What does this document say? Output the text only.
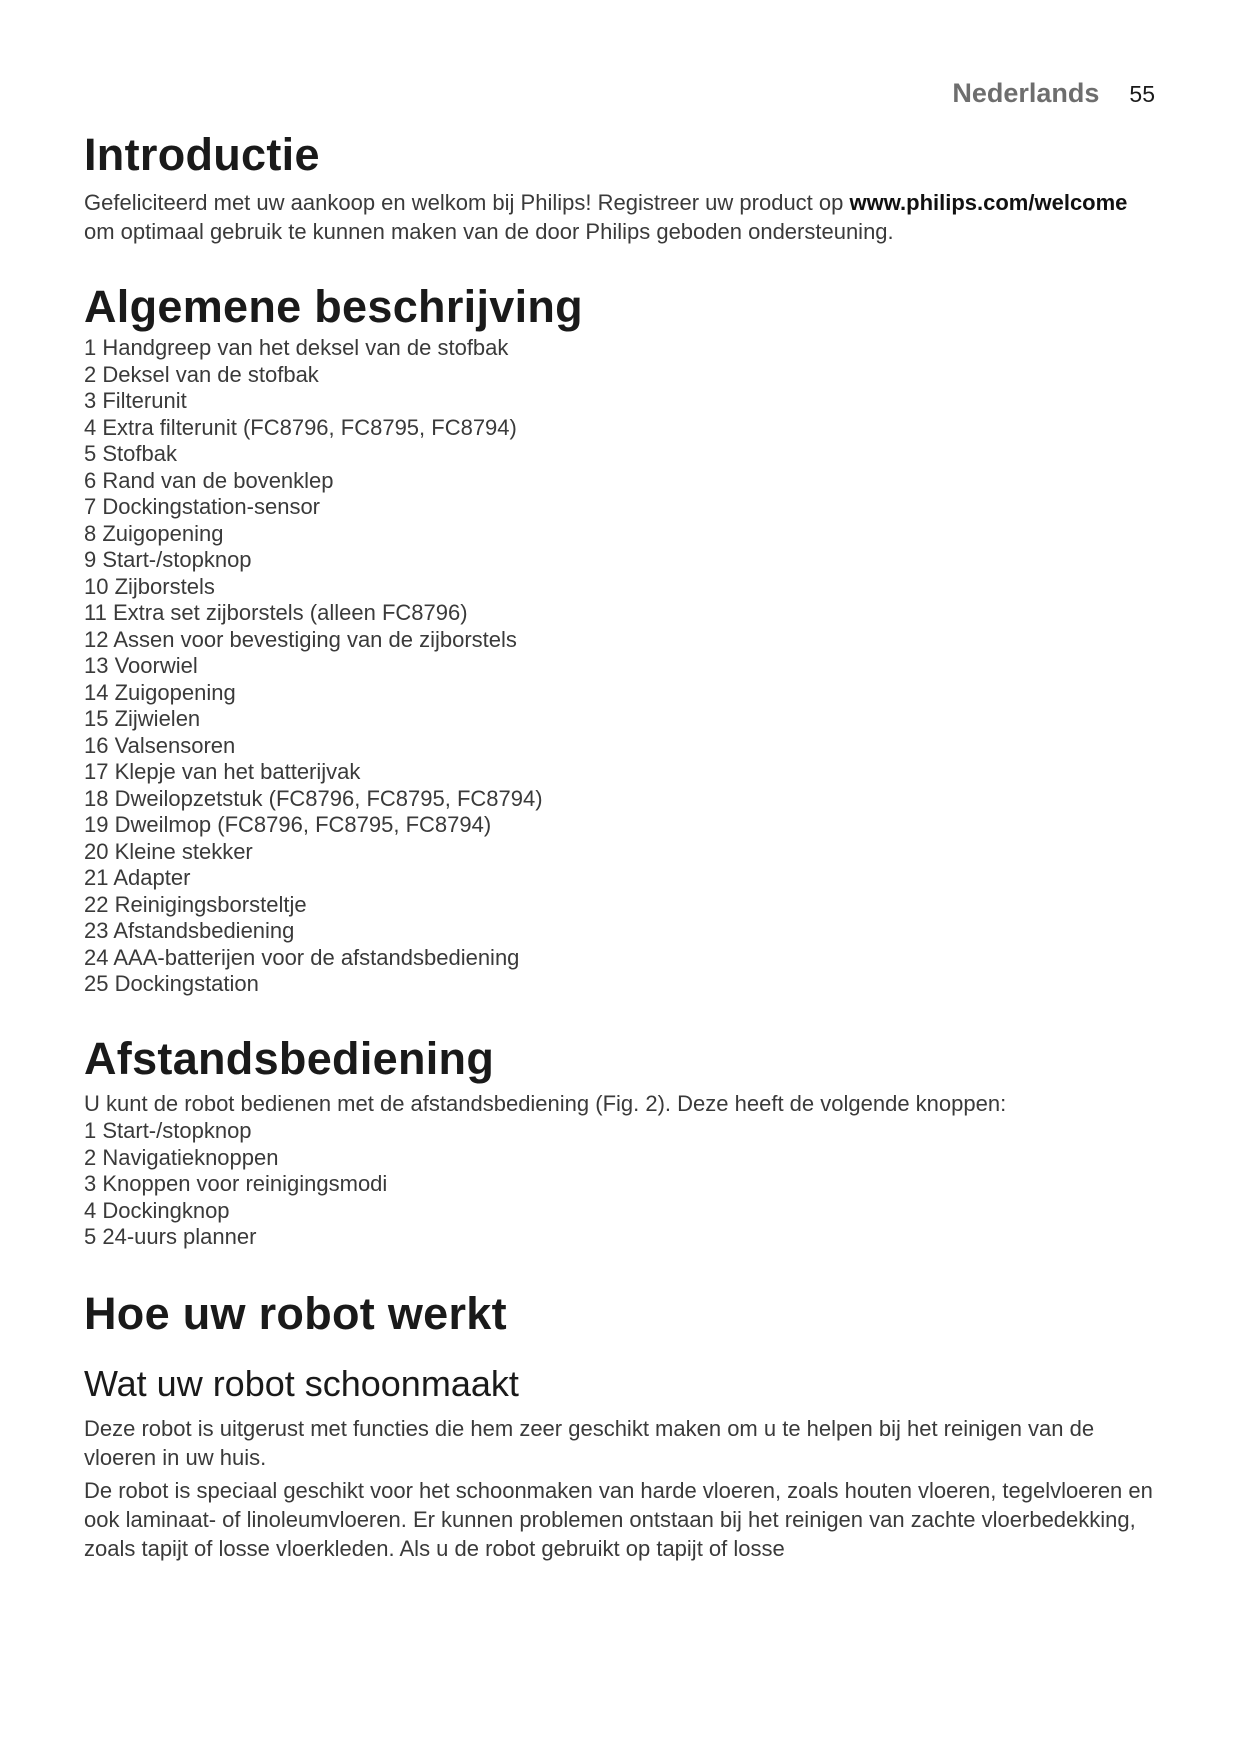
Nederlands 55
Introductie

Gefeliciteerd met uw aankoop en welkom bij Philips! Registreer uw product op www.philips.com/welcome om optimaal gebruik te kunnen maken van de door Philips geboden ondersteuning.

Algemene beschrijving
1 Handgreep van het deksel van de stofbak
2 Deksel van de stofbak
3 Filterunit
4 Extra filterunit (FC8796, FC8795, FC8794)
5 Stofbak
6 Rand van de bovenklep
7 Dockingstation-sensor
8 Zuigopening
9 Start-/stopknop
10 Zijborstels
11 Extra set zijborstels (alleen FC8796)
12 Assen voor bevestiging van de zijborstels
13 Voorwiel
14 Zuigopening
15 Zijwielen
16 Valsensoren
17 Klepje van het batterijvak
18 Dweilopzetstuk (FC8796, FC8795, FC8794)
19 Dweilmop (FC8796, FC8795, FC8794)
20 Kleine stekker
21 Adapter
22 Reinigingsborsteltje
23 Afstandsbediening
24 AAA-batterijen voor de afstandsbediening
25 Dockingstation
Afstandsbediening

U kunt de robot bedienen met de afstandsbediening (Fig. 2). Deze heeft de volgende knoppen:

1 Start-/stopknop
2 Navigatieknoppen
3 Knoppen voor reinigingsmodi
4 Dockingknop
5 24-uurs planner
Hoe uw robot werkt
Wat uw robot schoonmaakt

Deze robot is uitgerust met functies die hem zeer geschikt maken om u te helpen bij het reinigen van de vloeren in uw huis.

De robot is speciaal geschikt voor het schoonmaken van harde vloeren, zoals houten vloeren, tegelvloeren en ook laminaat- of linoleumvloeren. Er kunnen problemen ontstaan bij het reinigen van zachte vloerbedekking, zoals tapijt of losse vloerkleden. Als u de robot gebruikt op tapijt of losse
